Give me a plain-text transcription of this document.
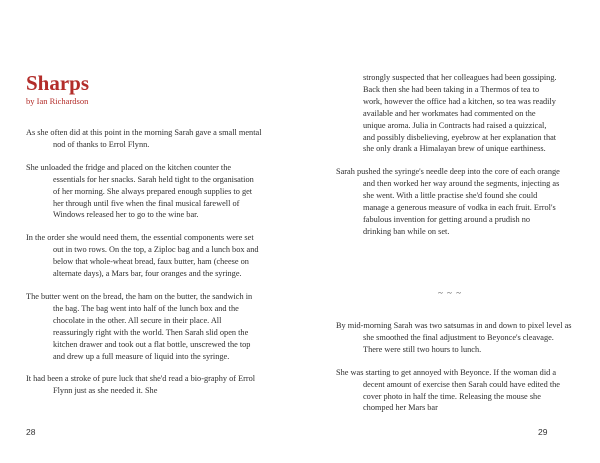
Sharps
by Ian Richardson

As she often did at this point in the morning Sarah gave a small mental nod of thanks to Errol Flynn.

She unloaded the fridge and placed on the kitchen counter the essentials for her snacks. Sarah held tight to the organisation of her morning. She always prepared enough supplies to get her through until five when the final musical farewell of Windows released her to go to the wine bar.

In the order she would need them, the essential components were set out in two rows. On the top, a Ziploc bag and a lunch box and below that whole-wheat bread, faux butter, ham (cheese on alternate days), a Mars bar, four oranges and the syringe.

The butter went on the bread, the ham on the butter, the sandwich in the bag. The bag went into half of the lunch box and the chocolate in the other. All secure in their place. All reassuringly right with the world. Then Sarah slid open the kitchen drawer and took out a flat bottle, unscrewed the top and drew up a full measure of liquid into the syringe.

It had been a stroke of pure luck that she'd read a bio-graphy of Errol Flynn just as she needed it. She

28

strongly suspected that her colleagues had been gossiping. Back then she had been taking in a Thermos of tea to work, however the office had a kitchen, so tea was readily available and her workmates had commented on the unique aroma. Julia in Contracts had raised a quizzical, and possibly disbelieving, eyebrow at her explanation that she only drank a Himalayan brew of unique earthiness.

Sarah pushed the syringe's needle deep into the core of each orange and then worked her way around the segments, injecting as she went. With a little practise she'd found she could manage a generous measure of vodka in each fruit. Errol's fabulous invention for getting around a prudish no drinking ban while on set.

~ ~ ~

By mid-morning Sarah was two satsumas in and down to pixel level as she smoothed the final adjustment to Beyonce's cleavage. There were still two hours to lunch.

She was starting to get annoyed with Beyonce. If the woman did a decent amount of exercise then Sarah could have edited the cover photo in half the time. Releasing the mouse she chomped her Mars bar

29
